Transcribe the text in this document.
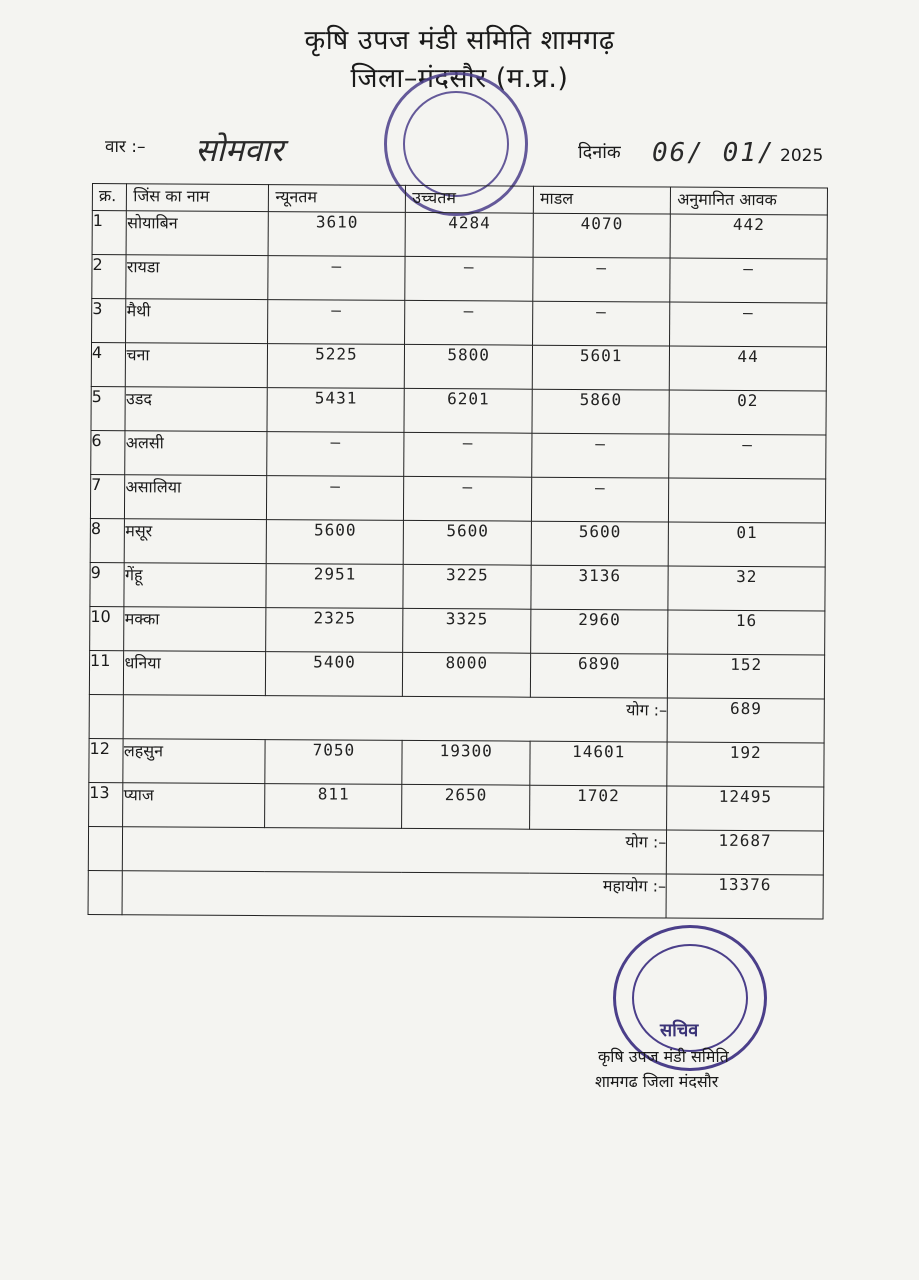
कृषि उपज मंडी समिति शामगढ़
जिला–मंदसौर (म.प्र.)
वार :– सोमवार	दिनांक 06/ 01/ 2025
क्र.	जिंस का नाम	न्यूनतम	उच्चतम	माडल	अनुमानित आवक
1	सोयाबिन	3610	4284	4070	442
2	रायडा	—	—	—	—
3	मैथी	—	—	—	—
4	चना	5225	5800	5601	44
5	उडद	5431	6201	5860	02
6	अलसी	—	—	—	—
7	असालिया	—	—	—	
8	मसूर	5600	5600	5600	01
9	गेंहू	2951	3225	3136	32
10	मक्का	2325	3325	2960	16
11	धनिया	5400	8000	6890	152
	योग :–				689
12	लहसुन	7050	19300	14601	192
13	प्याज	811	2650	1702	12495
	योग :–				12687
	महायोग :–				13376
सचिव
कृषि उपज मंडी समिति
शामगढ जिला मंदसौर
